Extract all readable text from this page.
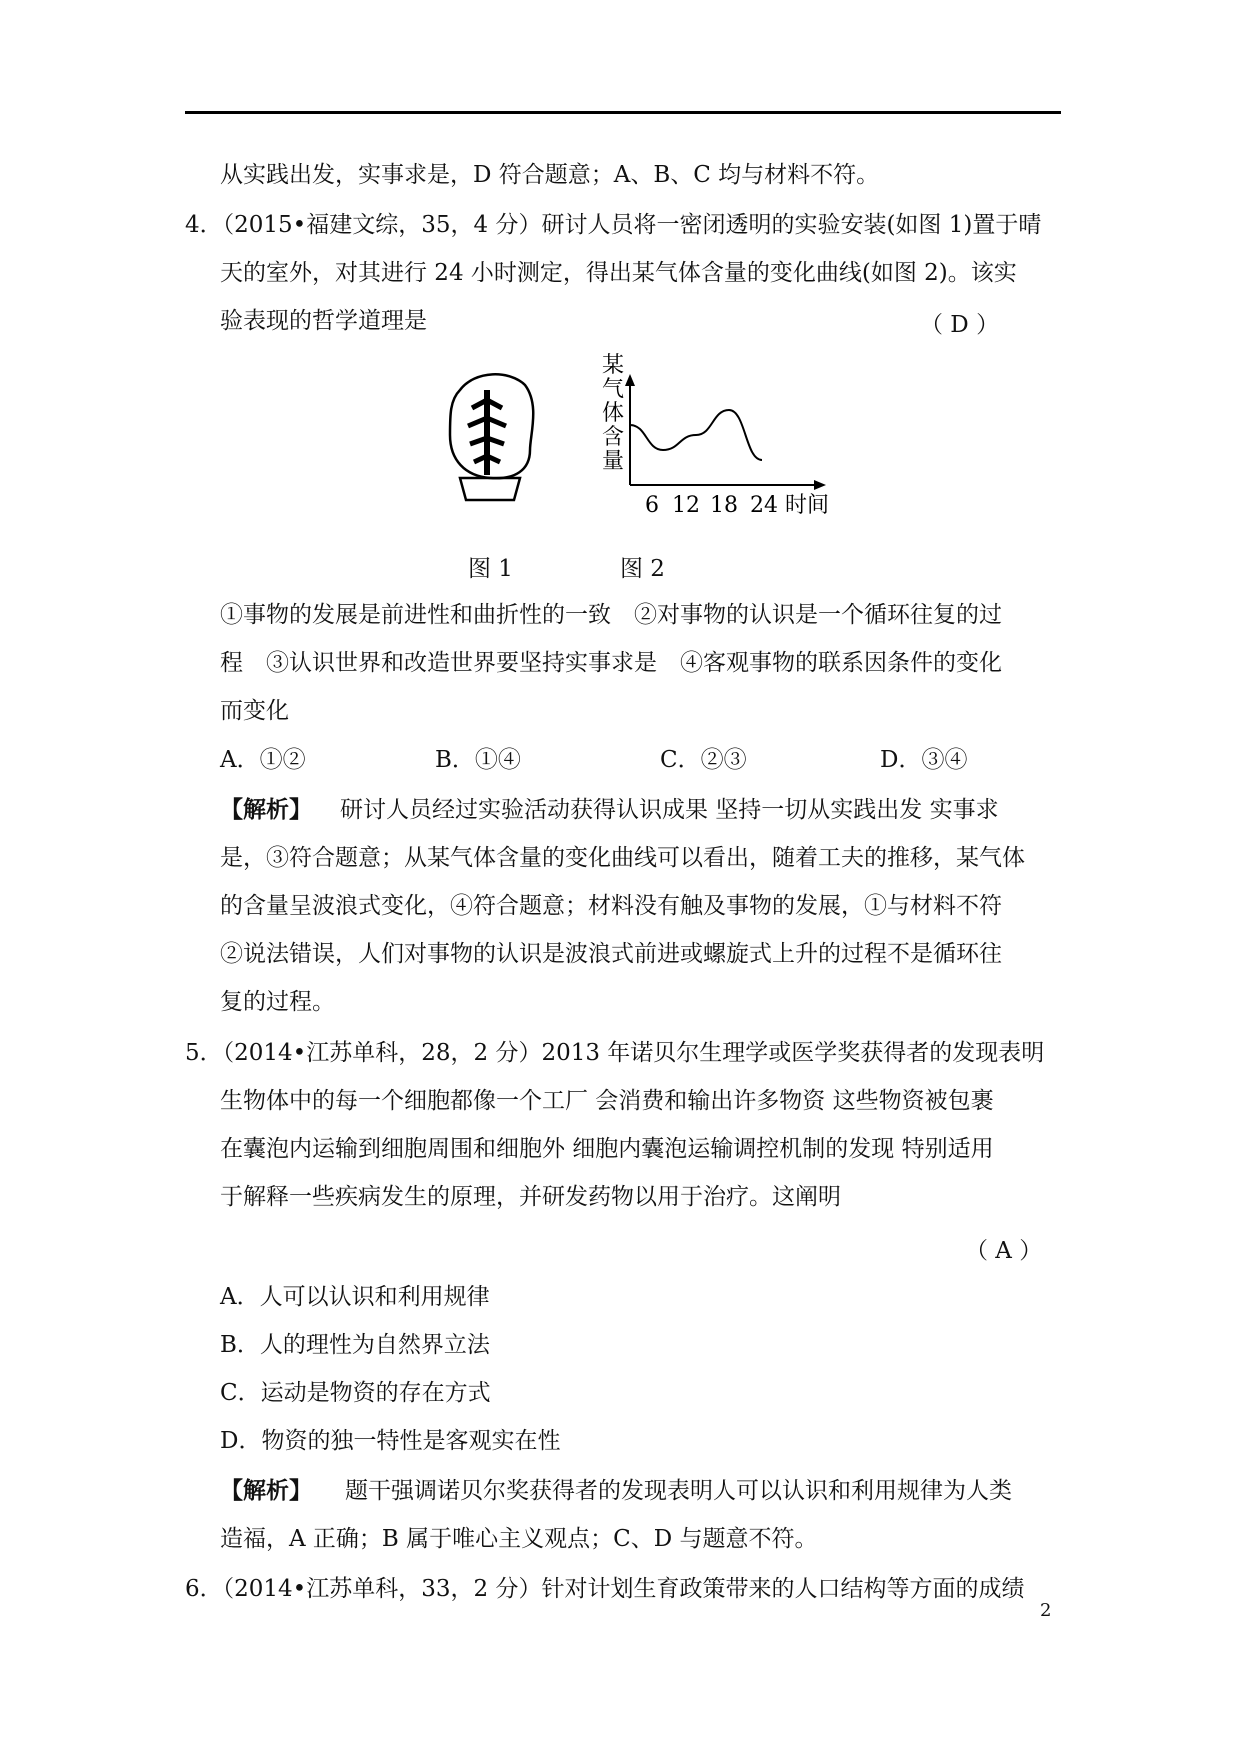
从实践出发，实事求是，D 符合题意；A、B、C 均与材料不符。
4．（2015•福建文综，35，4 分）研讨人员将一密闭透明的实验安装(如图 1)置于晴
天的室外，对其进行 24 小时测定，得出某气体含量的变化曲线(如图 2)。该实
验表现的哲学道理是	（ D ）
某
气
体
含
量
6 12 18 24 时间
图 1	图 2
①事物的发展是前进性和曲折性的一致　②对事物的认识是一个循环往复的过
程　③认识世界和改造世界要坚持实事求是　④客观事物的联系因条件的变化
而变化
A．①②	B．①④	C．②③	D．③④
【解析】 研讨人员经过实验活动获得认识成果 坚持一切从实践出发 实事求
是，③符合题意；从某气体含量的变化曲线可以看出，随着工夫的推移，某气体
的含量呈波浪式变化，④符合题意；材料没有触及事物的发展，①与材料不符
②说法错误，人们对事物的认识是波浪式前进或螺旋式上升的过程不是循环往
复的过程。
5．（2014•江苏单科，28，2 分）2013 年诺贝尔生理学或医学奖获得者的发现表明
生物体中的每一个细胞都像一个工厂 会消费和输出许多物资 这些物资被包裹
在囊泡内运输到细胞周围和细胞外 细胞内囊泡运输调控机制的发现 特别适用
于解释一些疾病发生的原理，并研发药物以用于治疗。这阐明
（ A ）
A．人可以认识和利用规律
B．人的理性为自然界立法
C．运动是物资的存在方式
D．物资的独一特性是客观实在性
【解析】 题干强调诺贝尔奖获得者的发现表明人可以认识和利用规律为人类
造福，A 正确；B 属于唯心主义观点；C、D 与题意不符。
6．（2014•江苏单科，33，2 分）针对计划生育政策带来的人口结构等方面的成绩
2
